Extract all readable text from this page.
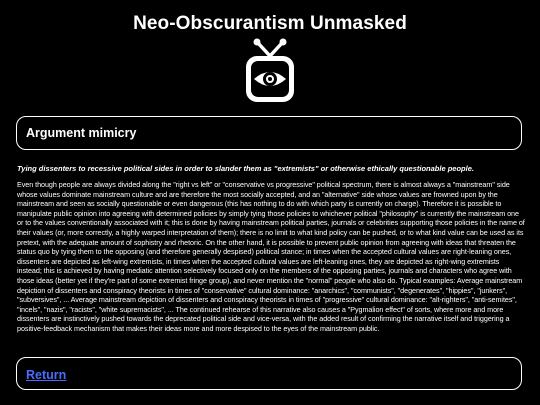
Neo-Obscurantism Unmasked
Argument mimicry

Tying dissenters to recessive political sides in order to slander them as "extremists" or otherwise ethically questionable people.

Even though people are always divided along the "right vs left" or "conservative vs progressive" political spectrum, there is almost always a "mainstream" side whose values dominate mainstream culture and are therefore the most socially accepted, and an "alternative" side whose values are frowned upon by the mainstream and seen as socially questionable or even dangerous (this has nothing to do with which party is currently on charge). Therefore it is possible to manipulate public opinion into agreeing with determined policies by simply tying those policies to whichever political "philosophy" is currently the mainstream one or to the values conventionally associated with it; this is done by having mainstream political parties, journals or celebrities supporting those policies in the name of their values (or, more correctly, a highly warped interpretation of them); there is no limit to what kind policy can be pushed, or to what kind value can be used as its pretext, with the adequate amount of sophistry and rhetoric. On the other hand, it is possible to prevent public opinion from agreeing with ideas that threaten the status quo by tying them to the opposing (and therefore generally despised) political stance; in times when the accepted cultural values are right-leaning ones, dissenters are depicted as left-wing extremists, in times when the accepted cultural values are left-leaning ones, they are depicted as right-wing extremists instead; this is achieved by having mediatic attention selectively focused only on the members of the opposing parties, journals and characters who agree with those ideas (better yet if they're part of some extremist fringe group), and never mention the "normal" people who also do. Typical examples: Average mainstream depiction of dissenters and conspiracy theorists in times of "conservative" cultural dominance: "anarchics", "communists", "degenerates", "hippies", "junkers", "subversives", ... Average mainstream depiction of dissenters and conspiracy theorists in times of "progressive" cultural dominance: "alt-righters", "anti-semites", "incels", "nazis", "racists", "white supremacists", ... The continued rehearse of this narrative also causes a "Pygmalion effect" of sorts, where more and more dissenters are instinctively pushed towards the deprecated political side and vice-versa, with the added result of confirming the narrative itself and triggering a positive-feedback mechanism that makes their ideas more and more despised to the eyes of the mainstream public.

Return
